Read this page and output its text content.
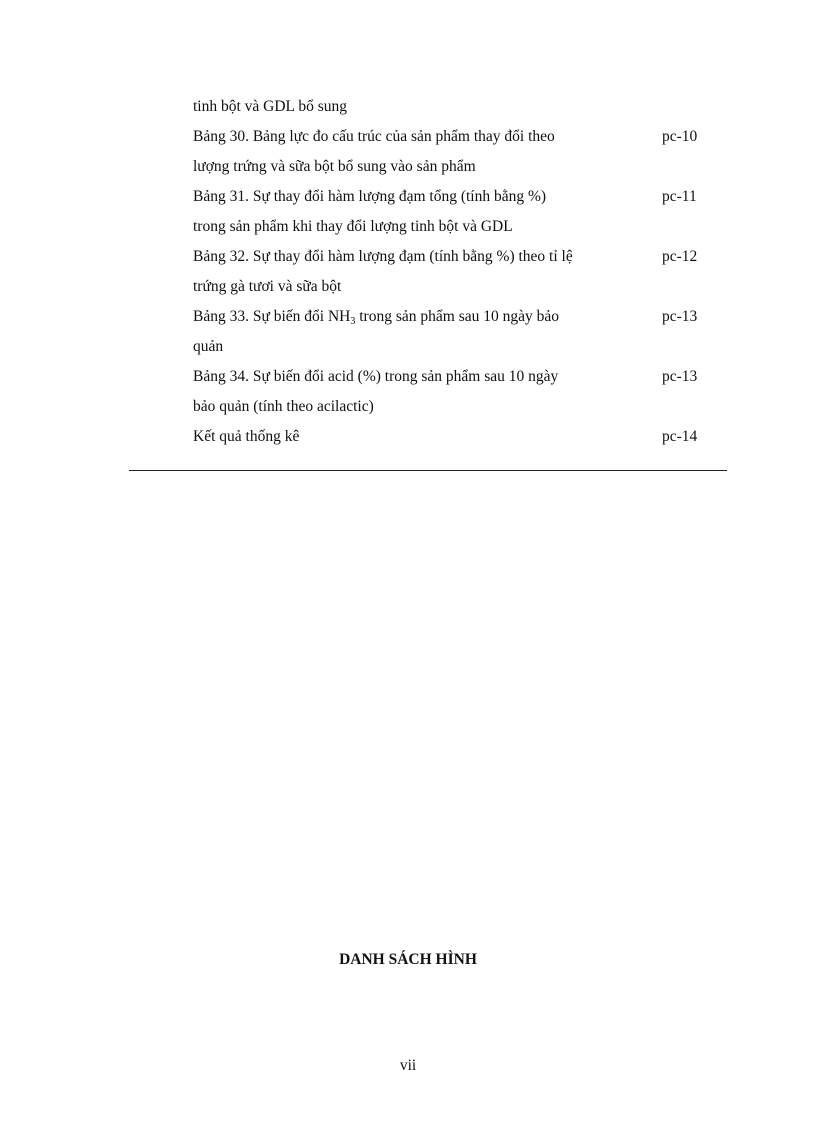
tinh bột và GDL bổ sung
Bảng 30. Bảng lực đo cấu trúc của sản phẩm thay đổi theo	pc-10
lượng trứng và sữa bột bổ sung vào sản phẩm
Bảng 31. Sự thay đổi hàm lượng đạm tổng (tính bằng %)	pc-11
trong sản phẩm khi thay đổi lượng tinh bột và GDL
Bảng 32. Sự thay đổi hàm lượng đạm (tính bằng %) theo tỉ lệ	pc-12
trứng gà tươi và sữa bột
Bảng 33. Sự biến đổi $NH_3$ trong sản phẩm sau 10 ngày bảo	pc-13
quản
Bảng 34. Sự biến đổi acid (%) trong sản phẩm sau 10 ngày	pc-13
bảo quản (tính theo acilactic)
Kết quả thống kê	pc-14
DANH SÁCH HÌNH
vii
